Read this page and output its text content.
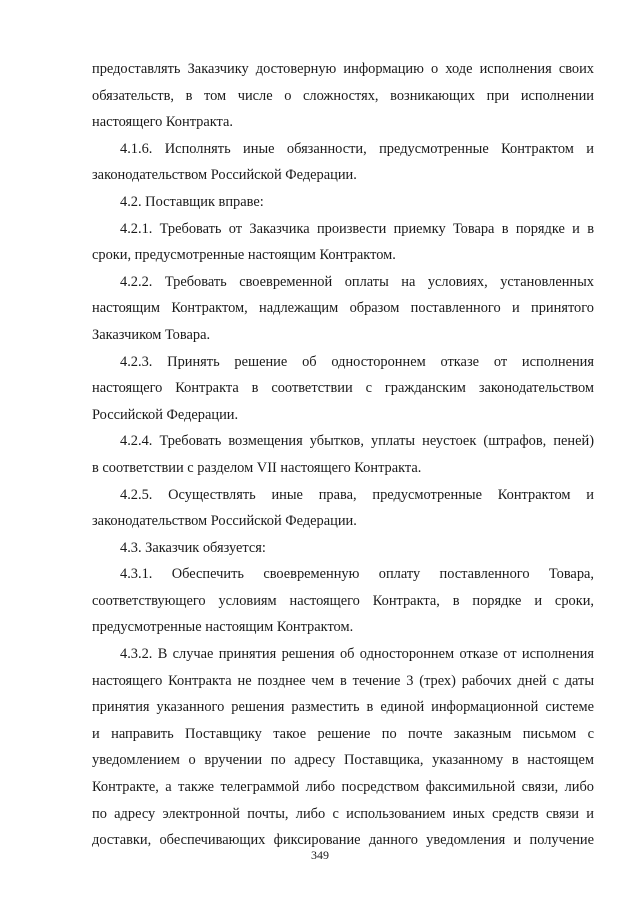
предоставлять Заказчику достоверную информацию о ходе исполнения своих
обязательств, в том числе о сложностях, возникающих при исполнении
настоящего Контракта.
4.1.6. Исполнять иные обязанности, предусмотренные Контрактом и
законодательством Российской Федерации.
4.2. Поставщик вправе:
4.2.1. Требовать от Заказчика произвести приемку Товара в порядке и в
сроки, предусмотренные настоящим Контрактом.
4.2.2. Требовать своевременной оплаты на условиях, установленных
настоящим Контрактом, надлежащим образом поставленного и принятого
Заказчиком Товара.
4.2.3. Принять решение об одностороннем отказе от исполнения
настоящего Контракта в соответствии с гражданским законодательством
Российской Федерации.
4.2.4. Требовать возмещения убытков, уплаты неустоек (штрафов, пеней)
в соответствии с разделом VII настоящего Контракта.
4.2.5. Осуществлять иные права, предусмотренные Контрактом и
законодательством Российской Федерации.
4.3. Заказчик обязуется:
4.3.1. Обеспечить своевременную оплату поставленного Товара,
соответствующего условиям настоящего Контракта, в порядке и сроки,
предусмотренные настоящим Контрактом.
4.3.2. В случае принятия решения об одностороннем отказе от исполнения
настоящего Контракта не позднее чем в течение 3 (трех) рабочих дней с даты
принятия указанного решения разместить в единой информационной системе
и направить Поставщику такое решение по почте заказным письмом с
уведомлением о вручении по адресу Поставщика, указанному в настоящем
Контракте, а также телеграммой либо посредством факсимильной связи, либо
по адресу электронной почты, либо с использованием иных средств связи и
доставки, обеспечивающих фиксирование данного уведомления и получение
349
